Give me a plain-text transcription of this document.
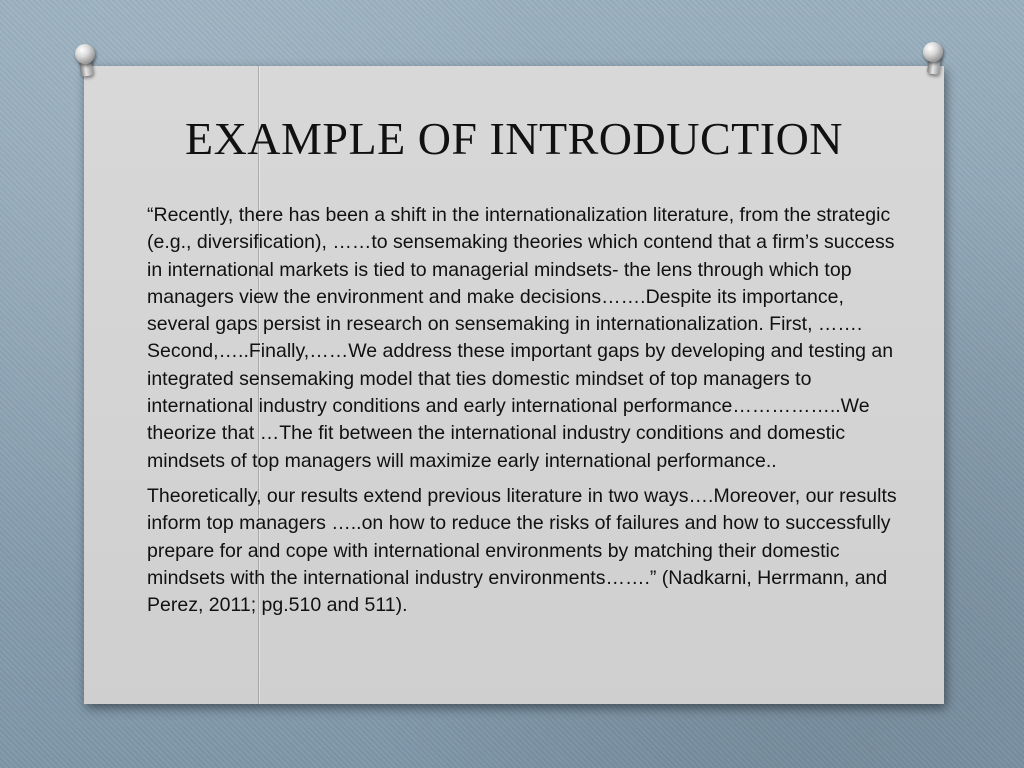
EXAMPLE OF INTRODUCTION

“Recently, there has been a shift in the internationalization literature, from the strategic (e.g., diversification), ……to sensemaking theories which contend that a firm’s success in international markets is tied to managerial mindsets- the lens through which top managers view the environment and make decisions…….Despite its importance, several gaps persist in research on sensemaking in internationalization. First, ……. Second,…..Finally,……We address these important gaps by developing and testing an integrated sensemaking model that ties domestic mindset of top managers to international industry conditions and early international performance……………..We theorize that …The fit between the international industry conditions and domestic mindsets of top managers will maximize early international performance..

Theoretically, our results extend previous literature in two ways….Moreover, our results inform top managers …..on how to reduce the risks of failures and how to successfully prepare for and cope with international environments by matching their domestic mindsets with the international industry environments…….” (Nadkarni, Herrmann, and Perez, 2011; pg.510 and 511).
